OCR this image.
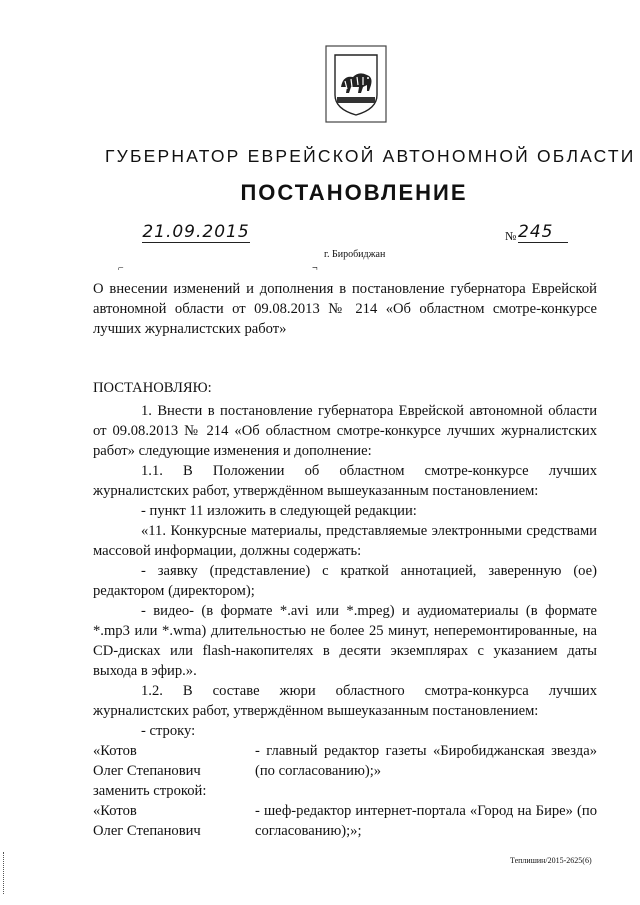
ГУБЕРНАТОР ЕВРЕЙСКОЙ АВТОНОМНОЙ ОБЛАСТИ
ПОСТАНОВЛЕНИЕ
21.09.2015	№ 245
г. Биробиджан
⌐	¬
О внесении изменений и дополнения в постановление губернатора Еврейской автономной области от 09.08.2013 № 214 «Об областном смотре-конкурсе лучших журналистских работ»
ПОСТАНОВЛЯЮ:
1. Внести в постановление губернатора Еврейской автономной области от 09.08.2013 № 214 «Об областном смотре-конкурсе лучших журналистских работ» следующие изменения и дополнение:
1.1. В Положении об областном смотре-конкурсе лучших журналистских работ, утверждённом вышеуказанным постановлением:
- пункт 11 изложить в следующей редакции:
«11. Конкурсные материалы, представляемые электронными средствами массовой информации, должны содержать:
- заявку (представление) с краткой аннотацией, заверенную (ое) редактором (директором);
- видео- (в формате *.avi или *.mpeg) и аудиоматериалы (в формате *.mp3 или *.wma) длительностью не более 25 минут, неперемонтированные, на CD-дисках или flash-накопителях в десяти экземплярах с указанием даты выхода в эфир.».
1.2. В составе жюри областного смотра-конкурса лучших журналистских работ, утверждённом вышеуказанным постановлением:
- строку:
«Котов
Олег Степанович
- главный редактор газеты «Биробиджанская звезда» (по согласованию);»
заменить строкой:
«Котов
Олег Степанович
- шеф-редактор интернет-портала «Город на Бире» (по согласованию);»;
Теплишин/2015-2625(6)
